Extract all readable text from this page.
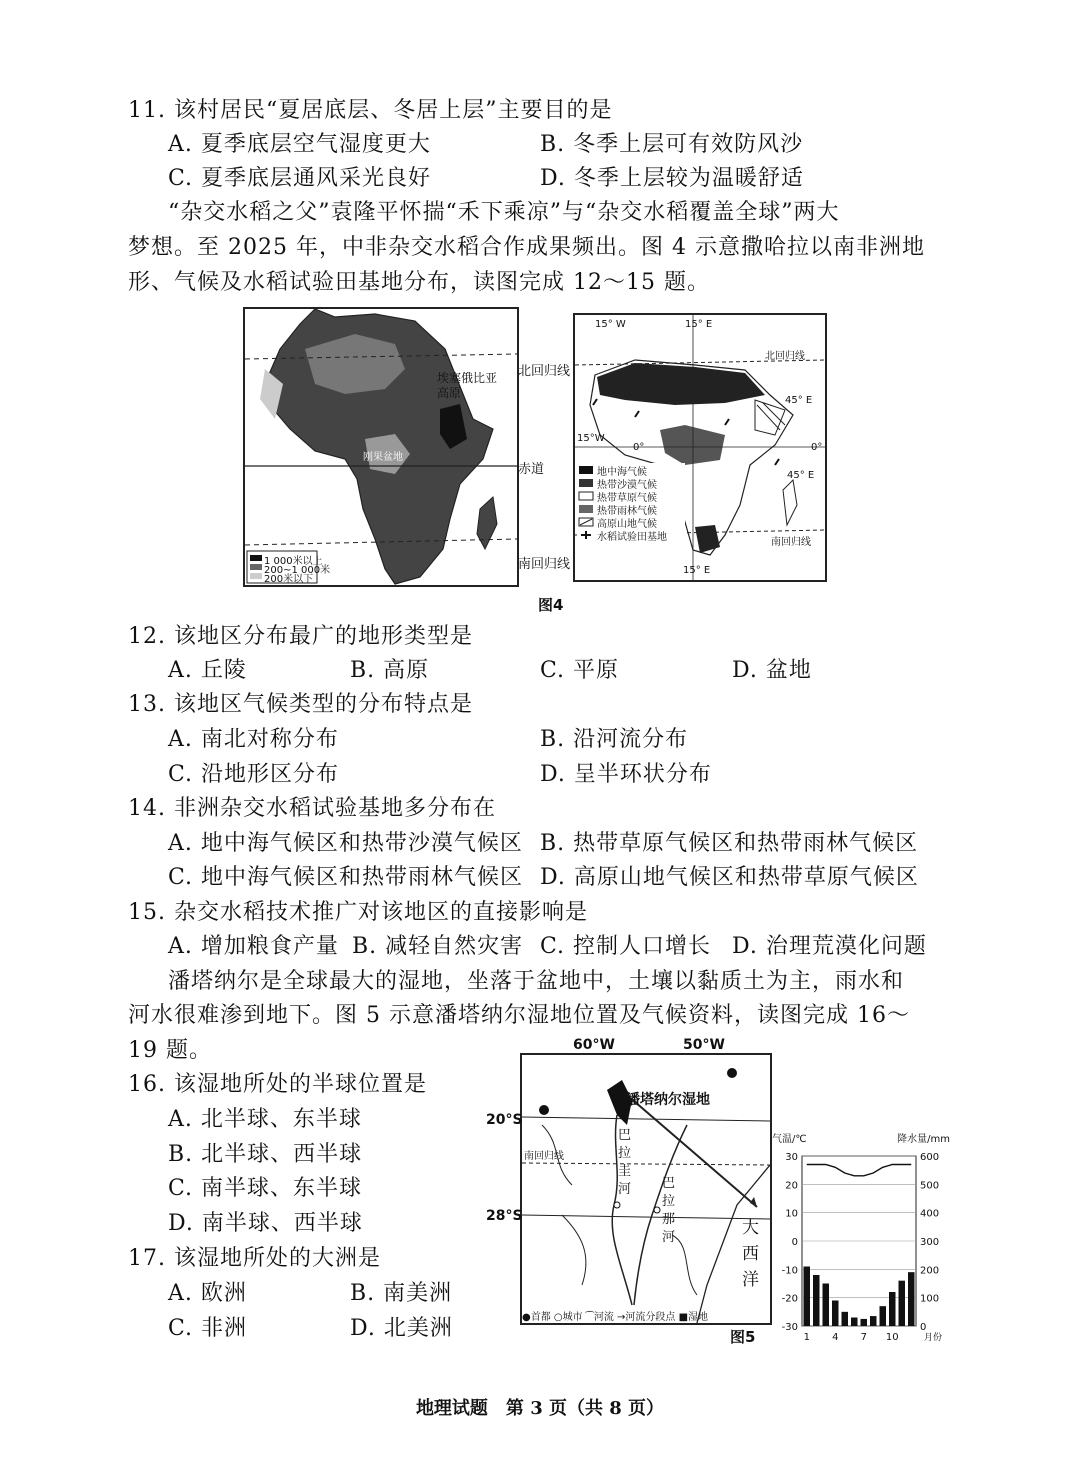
11. 该村居民“夏居底层、冬居上层”主要目的是
A. 夏季底层空气湿度更大	B. 冬季上层可有效防风沙
C. 夏季底层通风采光良好	D. 冬季上层较为温暖舒适
“杂交水稻之父”袁隆平怀揣“禾下乘凉”与“杂交水稻覆盖全球”两大
梦想。至 2025 年，中非杂交水稻合作成果频出。图 4 示意撒哈拉以南非洲地
形、气候及水稻试验田基地分布，读图完成 12～15 题。
1 000米以上
200~1 000米
200米以下
埃塞俄比亚高原
刚果盆地
北回归线
赤道
南回归线
地中海气候
热带沙漠气候
热带草原气候
热带雨林气候
高原山地气候
水稻试验田基地
15° W	15° E
15°W
0°	0°
45° E
45° E
15° E
北回归线
南回归线
图4
12. 该地区分布最广的地形类型是
A. 丘陵	B. 高原	C. 平原	D. 盆地
13. 该地区气候类型的分布特点是
A. 南北对称分布	B. 沿河流分布
C. 沿地形区分布	D. 呈半环状分布
14. 非洲杂交水稻试验基地多分布在
A. 地中海气候区和热带沙漠气候区 B. 热带草原气候区和热带雨林气候区
C. 地中海气候区和热带雨林气候区 D. 高原山地气候区和热带草原气候区
15. 杂交水稻技术推广对该地区的直接影响是
A. 增加粮食产量 B. 减轻自然灾害 C. 控制人口增长 D. 治理荒漠化问题
潘塔纳尔是全球最大的湿地，坐落于盆地中，土壤以黏质土为主，雨水和
河水很难渗到地下。图 5 示意潘塔纳尔湿地位置及气候资料，读图完成 16～
19 题。
16. 该湿地所处的半球位置是
A. 北半球、东半球
B. 北半球、西半球
C. 南半球、东半球
D. 南半球、西半球
17. 该湿地所处的大洲是
A. 欧洲	B. 南美洲
C. 非洲	D. 北美洲
潘塔纳尔湿地
巴拉圭河 巴拉那河	大西洋
南回归线
●首都 ○城市 ⁀河流 →河流分段点 ■湿地
60°W	50°W
20°S
28°S
图5
30
20
10
0
-10
-20
-30
600
500
400
300
200
100
0
1 4 7 10	月份
气温/℃	降水量/mm
地理试题　第 3 页（共 8 页）
